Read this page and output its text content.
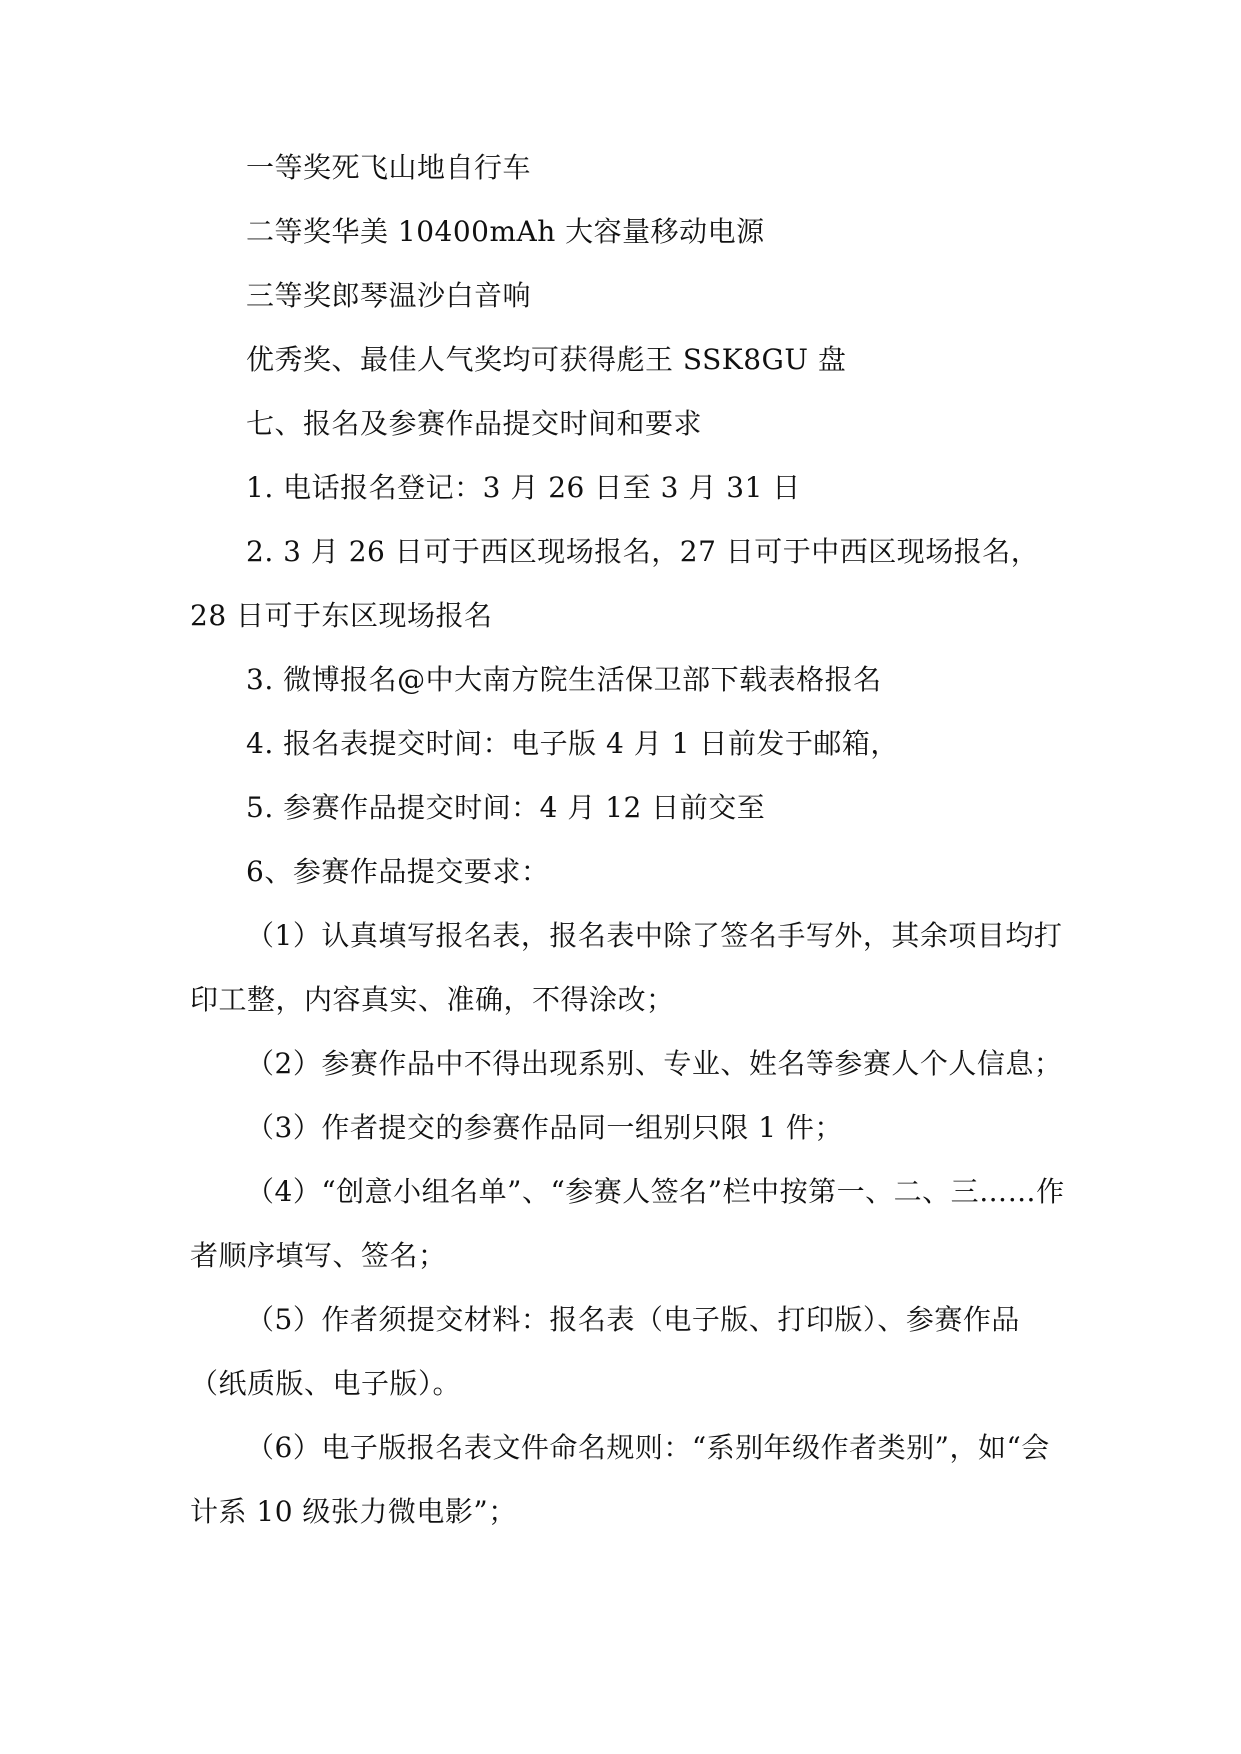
一等奖死飞山地自行车

二等奖华美 10400mAh 大容量移动电源

三等奖郎琴温沙白音响

优秀奖、最佳人气奖均可获得彪王 SSK8GU 盘

七、报名及参赛作品提交时间和要求

1. 电话报名登记：3 月 26 日至 3 月 31 日

2. 3 月 26 日可于西区现场报名，27 日可于中西区现场报名，28 日可于东区现场报名

3. 微博报名@中大南方院生活保卫部下载表格报名

4. 报名表提交时间：电子版 4 月 1 日前发于邮箱，

5. 参赛作品提交时间：4 月 12 日前交至

6、参赛作品提交要求：

（1）认真填写报名表，报名表中除了签名手写外，其余项目均打印工整，内容真实、准确，不得涂改；

（2）参赛作品中不得出现系别、专业、姓名等参赛人个人信息；

（3）作者提交的参赛作品同一组别只限 1 件；

（4）“创意小组名单”、“参赛人签名”栏中按第一、二、三……作者顺序填写、签名；

（5）作者须提交材料：报名表（电子版、打印版）、参赛作品（纸质版、电子版）。

（6）电子版报名表文件命名规则：“系别年级作者类别”，如“会计系 10 级张力微电影”；
